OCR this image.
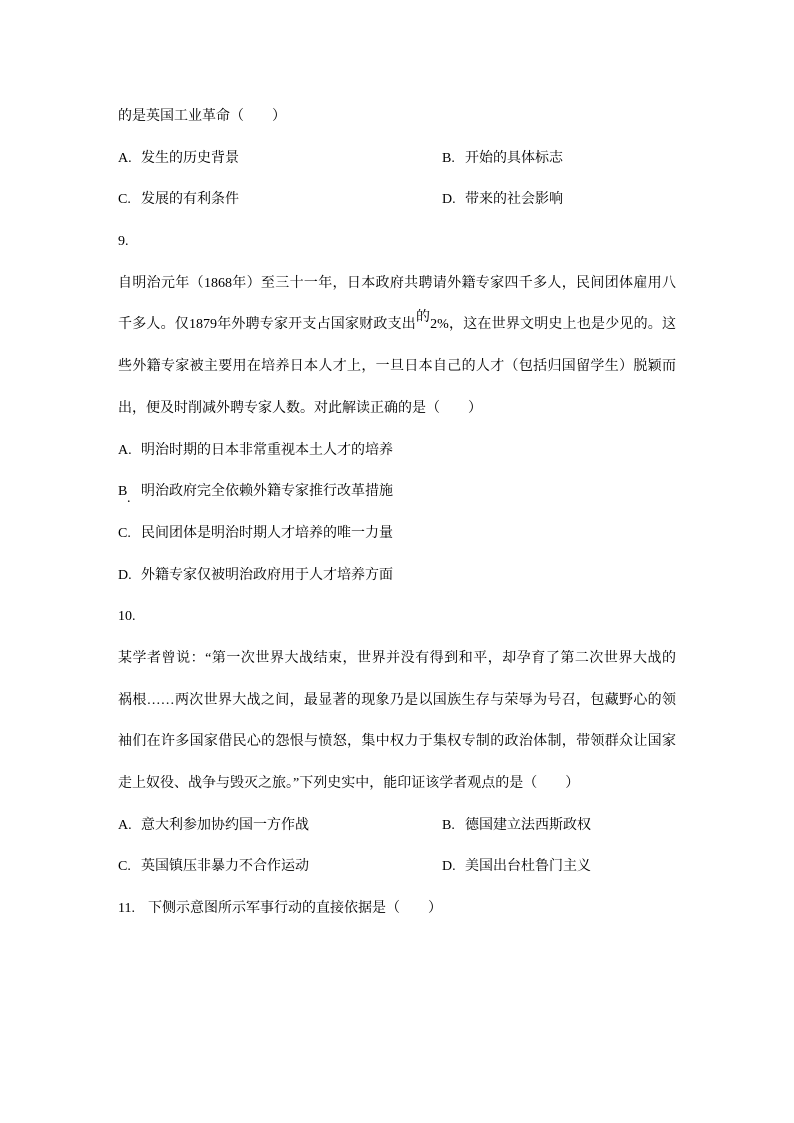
的是英国工业革命（　　）
A. 发生的历史背景	B. 开始的具体标志
C. 发展的有利条件	D. 带来的社会影响
9.
自明治元年（1868年）至三十一年，日本政府共聘请外籍专家四千多人，民间团体雇用八
千多人。仅1879年外聘专家开支占国家财政支出的2%，这在世界文明史上也是少见的。这
些外籍专家被主要用在培养日本人才上，一旦日本自己的人才（包括归国留学生）脱颖而
出，便及时削减外聘专家人数。对此解读正确的是（　　）
A. 明治时期的日本非常重视本土人才的培养
B 明治政府完全依赖外籍专家推行改革措施
.
C. 民间团体是明治时期人才培养的唯一力量
D. 外籍专家仅被明治政府用于人才培养方面
10.
某学者曾说：“第一次世界大战结束，世界并没有得到和平，却孕育了第二次世界大战的
祸根……两次世界大战之间，最显著的现象乃是以国族生存与荣辱为号召，包藏野心的领
袖们在许多国家借民心的怨恨与愤怒，集中权力于集权专制的政治体制，带领群众让国家
走上奴役、战争与毁灭之旅。”下列史实中，能印证该学者观点的是（　　）
A. 意大利参加协约国一方作战	B. 德国建立法西斯政权
C. 英国镇压非暴力不合作运动	D. 美国出台杜鲁门主义
11. 下侧示意图所示军事行动的直接依据是（　　）
